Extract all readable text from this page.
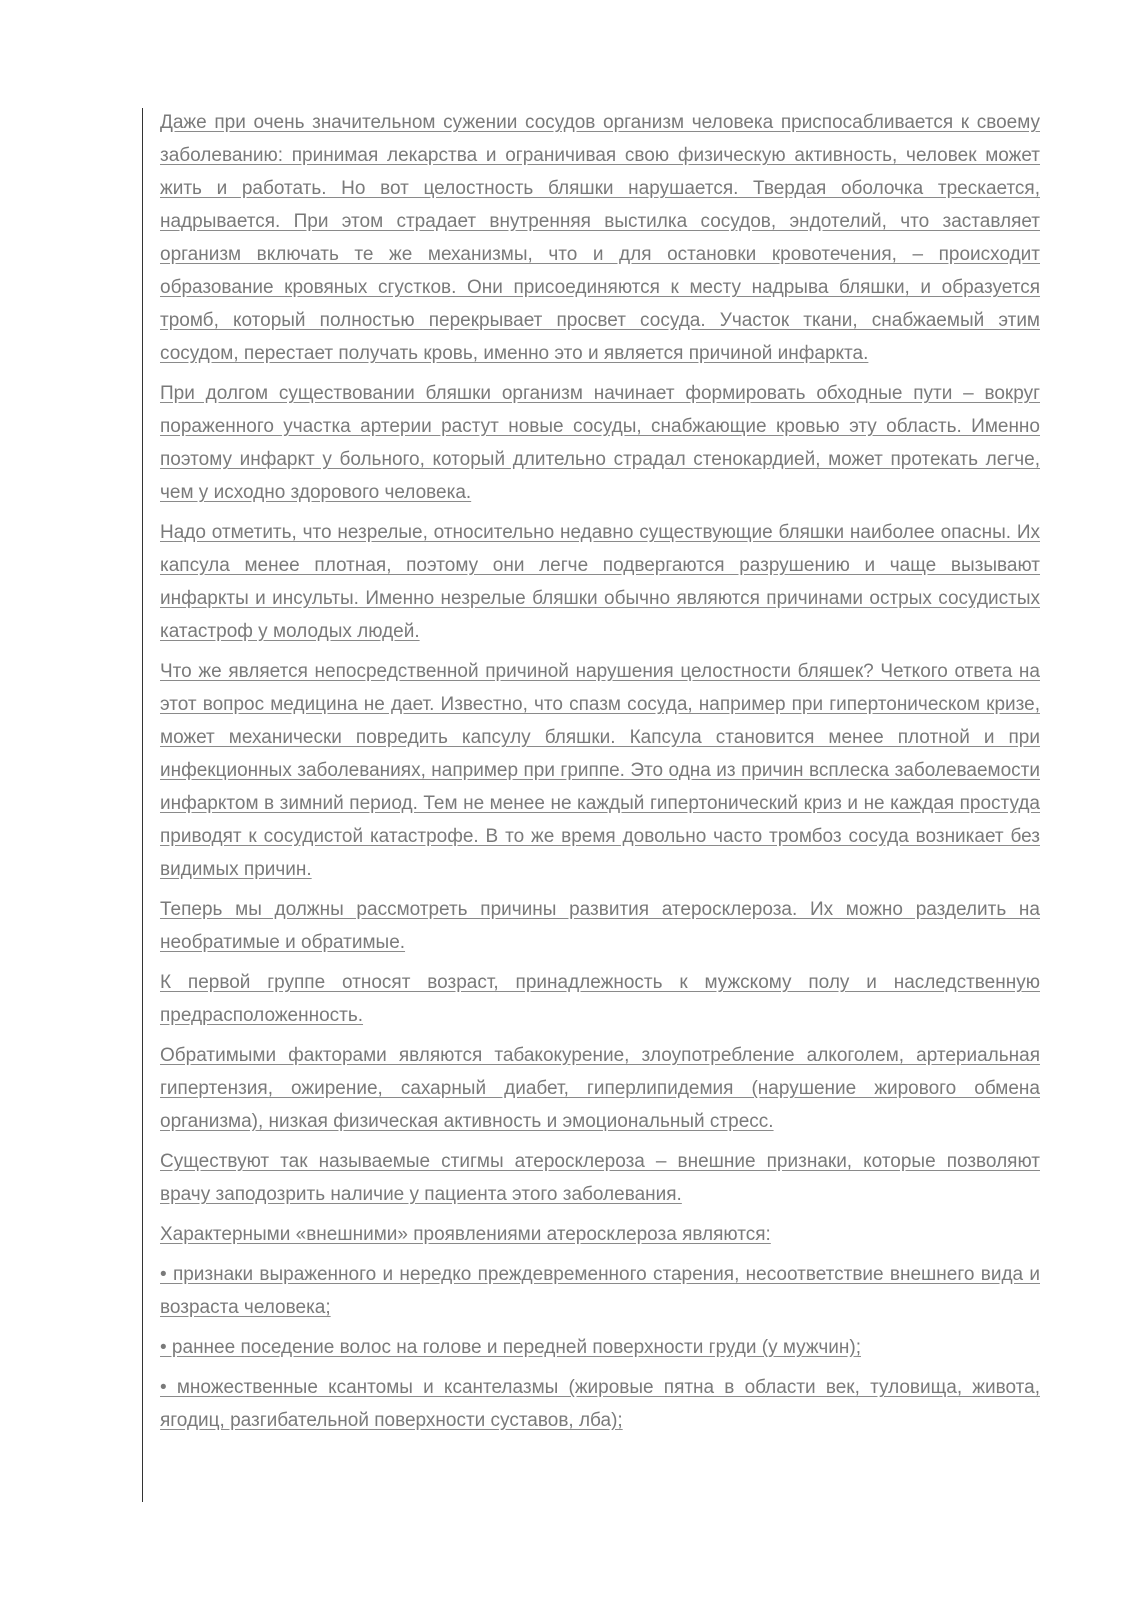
Даже при очень значительном сужении сосудов организм человека приспосабливается к своему заболеванию: принимая лекарства и ограничивая свою физическую активность, человек может жить и работать. Но вот целостность бляшки нарушается. Твердая оболочка трескается, надрывается. При этом страдает внутренняя выстилка сосудов, эндотелий, что заставляет организм включать те же механизмы, что и для остановки кровотечения, – происходит образование кровяных сгустков. Они присоединяются к месту надрыва бляшки, и образуется тромб, который полностью перекрывает просвет сосуда. Участок ткани, снабжаемый этим сосудом, перестает получать кровь, именно это и является причиной инфаркта.

При долгом существовании бляшки организм начинает формировать обходные пути – вокруг пораженного участка артерии растут новые сосуды, снабжающие кровью эту область. Именно поэтому инфаркт у больного, который длительно страдал стенокардией, может протекать легче, чем у исходно здорового человека.

Надо отметить, что незрелые, относительно недавно существующие бляшки наиболее опасны. Их капсула менее плотная, поэтому они легче подвергаются разрушению и чаще вызывают инфаркты и инсульты. Именно незрелые бляшки обычно являются причинами острых сосудистых катастроф у молодых людей.

Что же является непосредственной причиной нарушения целостности бляшек? Четкого ответа на этот вопрос медицина не дает. Известно, что спазм сосуда, например при гипертоническом кризе, может механически повредить капсулу бляшки. Капсула становится менее плотной и при инфекционных заболеваниях, например при гриппе. Это одна из причин всплеска заболеваемости инфарктом в зимний период. Тем не менее не каждый гипертонический криз и не каждая простуда приводят к сосудистой катастрофе. В то же время довольно часто тромбоз сосуда возникает без видимых причин.

Теперь мы должны рассмотреть причины развития атеросклероза. Их можно разделить на необратимые и обратимые.

К первой группе относят возраст, принадлежность к мужскому полу и наследственную предрасположенность.

Обратимыми факторами являются табакокурение, злоупотребление алкоголем, артериальная гипертензия, ожирение, сахарный диабет, гиперлипидемия (нарушение жирового обмена организма), низкая физическая активность и эмоциональный стресс.

Существуют так называемые стигмы атеросклероза – внешние признаки, которые позволяют врачу заподозрить наличие у пациента этого заболевания.

Характерными «внешними» проявлениями атеросклероза являются:

• признаки выраженного и нередко преждевременного старения, несоответствие внешнего вида и возраста человека;

• раннее поседение волос на голове и передней поверхности груди (у мужчин);

• множественные ксантомы и ксантелазмы (жировые пятна в области век, туловища, живота, ягодиц, разгибательной поверхности суставов, лба);
